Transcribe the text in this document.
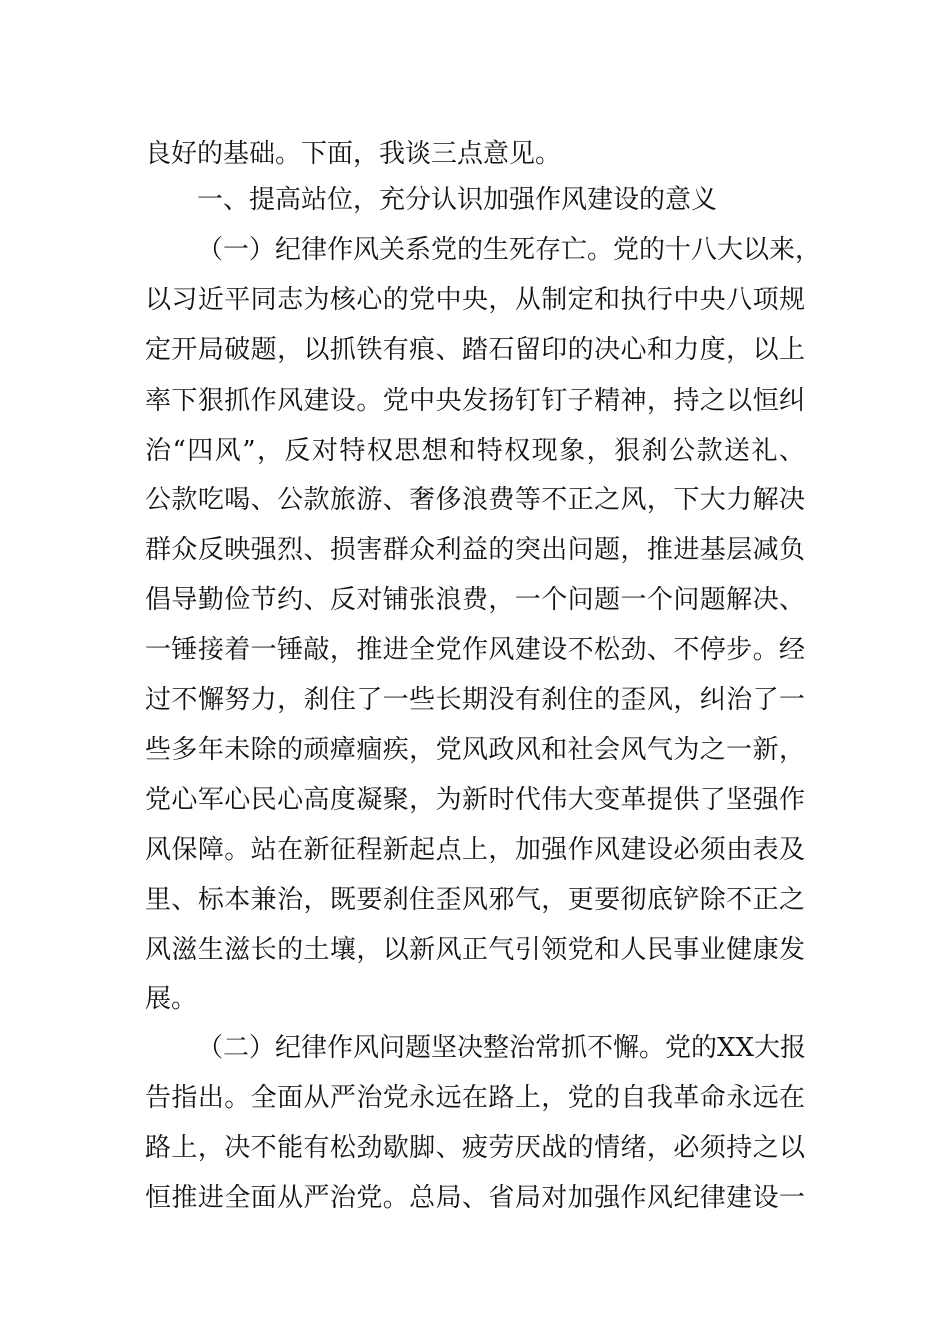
良好的基础。下面，我谈三点意见。
一、提高站位，充分认识加强作风建设的意义
（一）纪律作风关系党的生死存亡。党的十八大以来，
以习近平同志为核心的党中央，从制定和执行中央八项规
定开局破题，以抓铁有痕、踏石留印的决心和力度，以上
率下狠抓作风建设。党中央发扬钉钉子精神，持之以恒纠
治“四风”，反对特权思想和特权现象，狠刹公款送礼、
公款吃喝、公款旅游、奢侈浪费等不正之风，下大力解决
群众反映强烈、损害群众利益的突出问题，推进基层减负
倡导勤俭节约、反对铺张浪费，一个问题一个问题解决、
一锤接着一锤敲，推进全党作风建设不松劲、不停步。经
过不懈努力，刹住了一些长期没有刹住的歪风，纠治了一
些多年未除的顽瘴痼疾，党风政风和社会风气为之一新，
党心军心民心高度凝聚，为新时代伟大变革提供了坚强作
风保障。站在新征程新起点上，加强作风建设必须由表及
里、标本兼治，既要刹住歪风邪气，更要彻底铲除不正之
风滋生滋长的土壤，以新风正气引领党和人民事业健康发
展。
（二）纪律作风问题坚决整治常抓不懈。党的XX大报
告指出。全面从严治党永远在路上，党的自我革命永远在
路上，决不能有松劲歇脚、疲劳厌战的情绪，必须持之以
恒推进全面从严治党。总局、省局对加强作风纪律建设一
